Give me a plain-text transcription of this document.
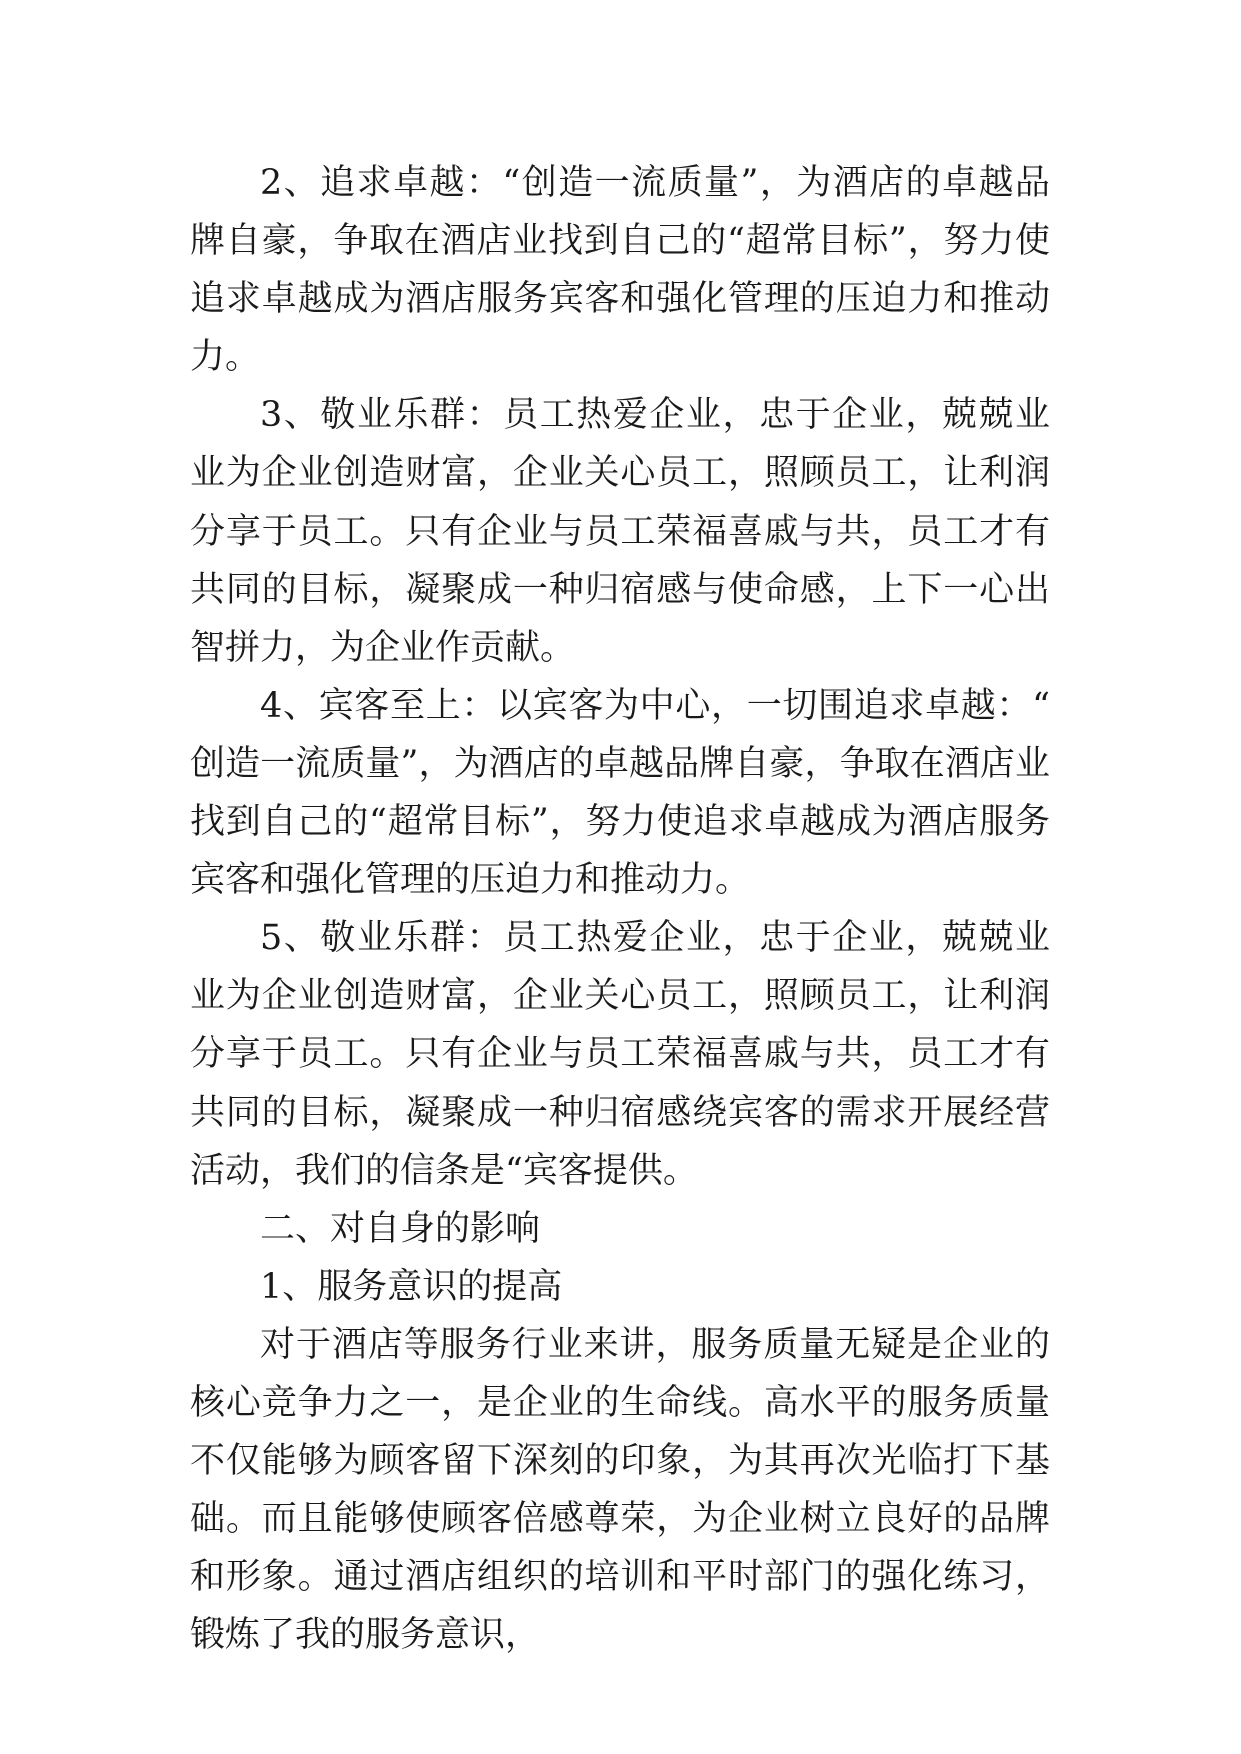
2、追求卓越：“创造一流质量”，为酒店的卓越品牌自豪，争取在酒店业找到自己的“超常目标”，努力使追求卓越成为酒店服务宾客和强化管理的压迫力和推动力。

3、敬业乐群：员工热爱企业，忠于企业，兢兢业业为企业创造财富，企业关心员工，照顾员工，让利润分享于员工。只有企业与员工荣福喜戚与共，员工才有共同的目标，凝聚成一种归宿感与使命感，上下一心出智拼力，为企业作贡献。

4、宾客至上：以宾客为中心，一切围追求卓越：“创造一流质量”，为酒店的卓越品牌自豪，争取在酒店业找到自己的“超常目标”，努力使追求卓越成为酒店服务宾客和强化管理的压迫力和推动力。

5、敬业乐群：员工热爱企业，忠于企业，兢兢业业为企业创造财富，企业关心员工，照顾员工，让利润分享于员工。只有企业与员工荣福喜戚与共，员工才有共同的目标，凝聚成一种归宿感绕宾客的需求开展经营活动，我们的信条是“宾客提供。

二、对自身的影响

1、服务意识的提高

对于酒店等服务行业来讲，服务质量无疑是企业的核心竞争力之一，是企业的生命线。高水平的服务质量不仅能够为顾客留下深刻的印象，为其再次光临打下基础。而且能够使顾客倍感尊荣，为企业树立良好的品牌和形象。通过酒店组织的培训和平时部门的强化练习，锻炼了我的服务意识，
